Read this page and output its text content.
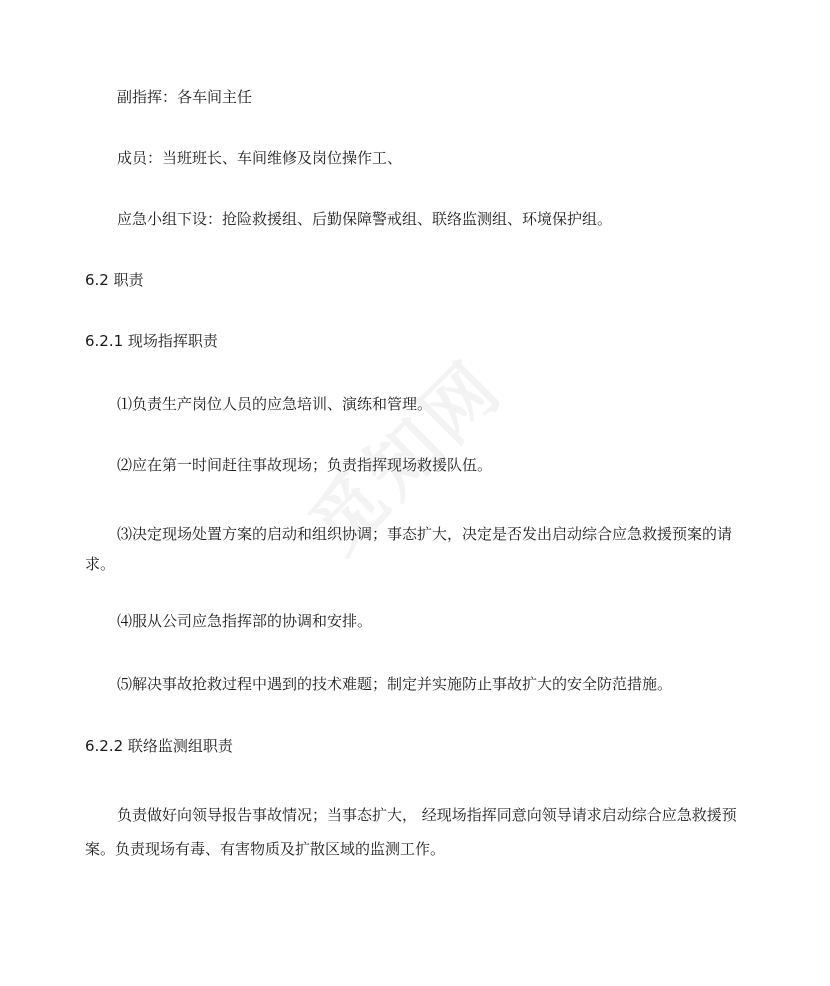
副指挥：各车间主任
成员：当班班长、车间维修及岗位操作工、
应急小组下设：抢险救援组、后勤保障警戒组、联络监测组、环境保护组。
6.2 职责
6.2.1 现场指挥职责
⑴负责生产岗位人员的应急培训、演练和管理。
⑵应在第一时间赶往事故现场；负责指挥现场救援队伍。
⑶决定现场处置方案的启动和组织协调；事态扩大，决定是否发出启动综合应急救援预案的请求。
⑷服从公司应急指挥部的协调和安排。
⑸解决事故抢救过程中遇到的技术难题；制定并实施防止事故扩大的安全防范措施。
6.2.2 联络监测组职责
负责做好向领导报告事故情况；当事态扩大， 经现场指挥同意向领导请求启动综合应急救援预案。负责现场有毒、有害物质及扩散区域的监测工作。
